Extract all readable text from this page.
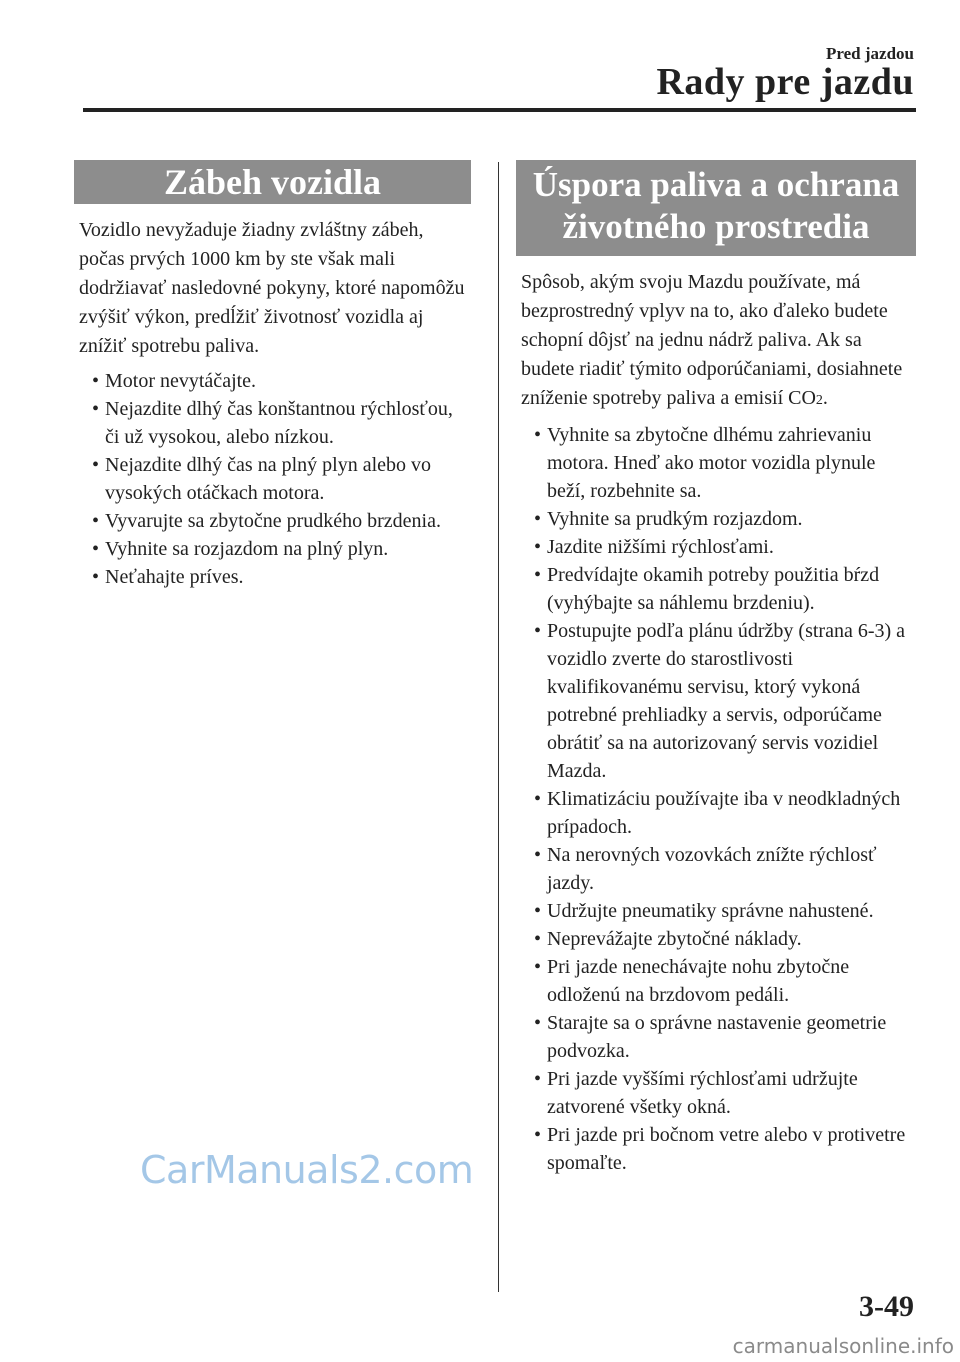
Pred jazdou
Rady pre jazdu
Zábeh vozidla

Vozidlo nevyžaduje žiadny zvláštny zábeh, počas prvých 1000 km by ste však mali dodržiavať nasledovné pokyny, ktoré napomôžu zvýšiť výkon, predĺžiť životnosť vozidla aj znížiť spotrebu paliva.

• Motor nevytáčajte.
• Nejazdite dlhý čas konštantnou rýchlosťou, či už vysokou, alebo nízkou.
• Nejazdite dlhý čas na plný plyn alebo vo vysokých otáčkach motora.
• Vyvarujte sa zbytočne prudkého brzdenia.
• Vyhnite sa rozjazdom na plný plyn.
• Neťahajte príves.
Úspora paliva a ochrana
životného prostredia

Spôsob, akým svoju Mazdu používate, má bezprostredný vplyv na to, ako ďaleko budete schopní dôjsť na jednu nádrž paliva. Ak sa budete riadiť týmito odporúčaniami, dosiahnete zníženie spotreby paliva a emisií CO2.

• Vyhnite sa zbytočne dlhému zahrievaniu motora. Hneď ako motor vozidla plynule beží, rozbehnite sa.
• Vyhnite sa prudkým rozjazdom.
• Jazdite nižšími rýchlosťami.
• Predvídajte okamih potreby použitia bŕzd (vyhýbajte sa náhlemu brzdeniu).
• Postupujte podľa plánu údržby (strana 6-3) a vozidlo zverte do starostlivosti kvalifikovanému servisu, ktorý vykoná potrebné prehliadky a servis, odporúčame obrátiť sa na autorizovaný servis vozidiel Mazda.
• Klimatizáciu používajte iba v neodkladných prípadoch.
• Na nerovných vozovkách znížte rýchlosť jazdy.
• Udržujte pneumatiky správne nahustené.
• Neprevážajte zbytočné náklady.
• Pri jazde nenechávajte nohu zbytočne odloženú na brzdovom pedáli.
• Starajte sa o správne nastavenie geometrie podvozka.
• Pri jazde vyššími rýchlosťami udržujte zatvorené všetky okná.
• Pri jazde pri bočnom vetre alebo v protivetre spomaľte.
CarManuals2.com
3-49
carmanualsonline.info
